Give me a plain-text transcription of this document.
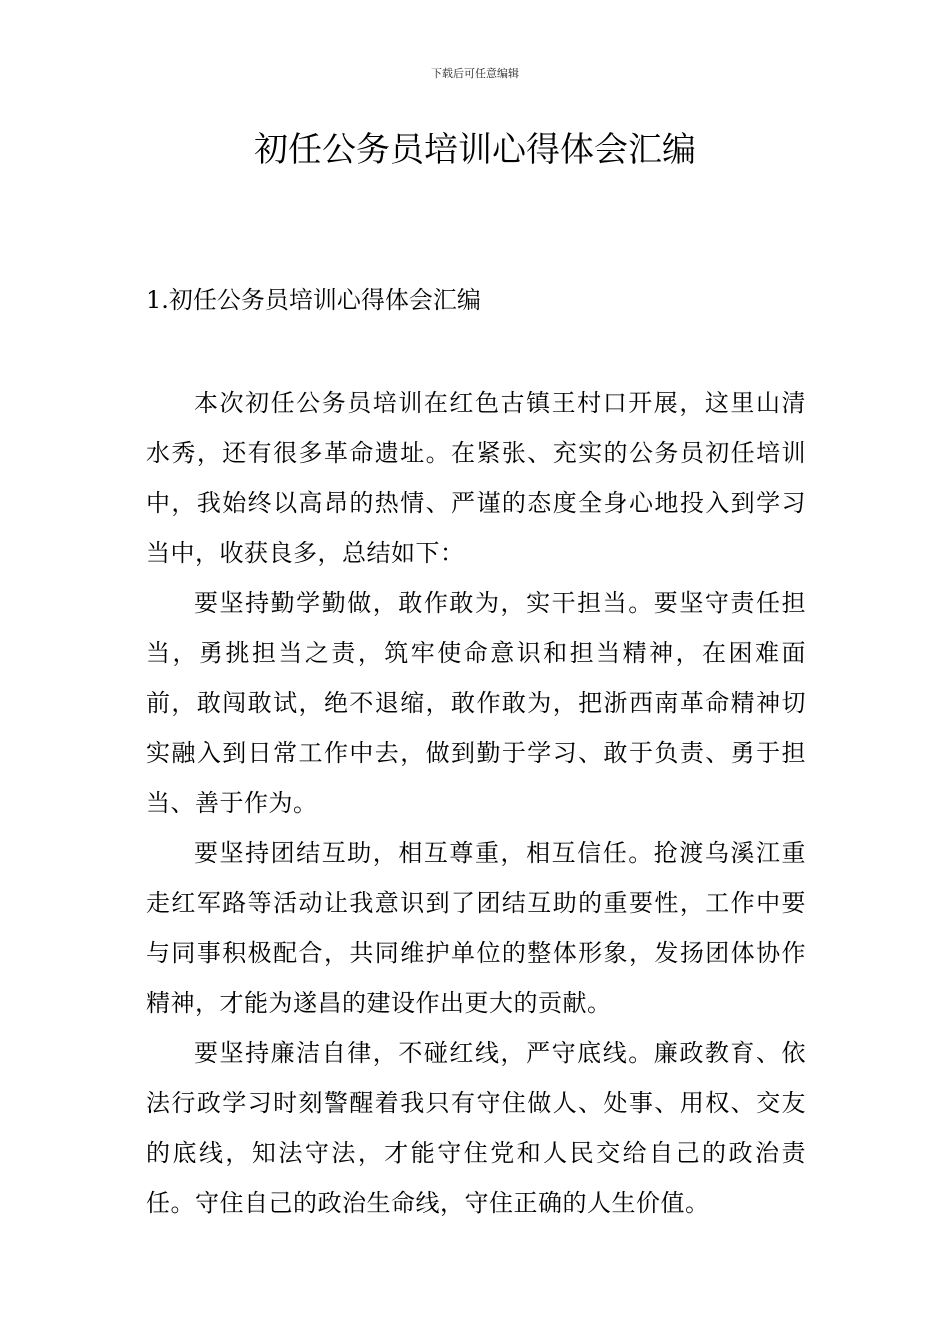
下载后可任意编辑
初任公务员培训心得体会汇编
1.初任公务员培训心得体会汇编

本次初任公务员培训在红色古镇王村口开展，这里山清水秀，还有很多革命遗址。在紧张、充实的公务员初任培训中，我始终以高昂的热情、严谨的态度全身心地投入到学习当中，收获良多，总结如下：

要坚持勤学勤做，敢作敢为，实干担当。要坚守责任担当，勇挑担当之责，筑牢使命意识和担当精神，在困难面前，敢闯敢试，绝不退缩，敢作敢为，把浙西南革命精神切实融入到日常工作中去，做到勤于学习、敢于负责、勇于担当、善于作为。

要坚持团结互助，相互尊重，相互信任。抢渡乌溪江重走红军路等活动让我意识到了团结互助的重要性，工作中要与同事积极配合，共同维护单位的整体形象，发扬团体协作精神，才能为遂昌的建设作出更大的贡献。

要坚持廉洁自律，不碰红线，严守底线。廉政教育、依法行政学习时刻警醒着我只有守住做人、处事、用权、交友的底线，知法守法，才能守住党和人民交给自己的政治责任。守住自己的政治生命线，守住正确的人生价值。
